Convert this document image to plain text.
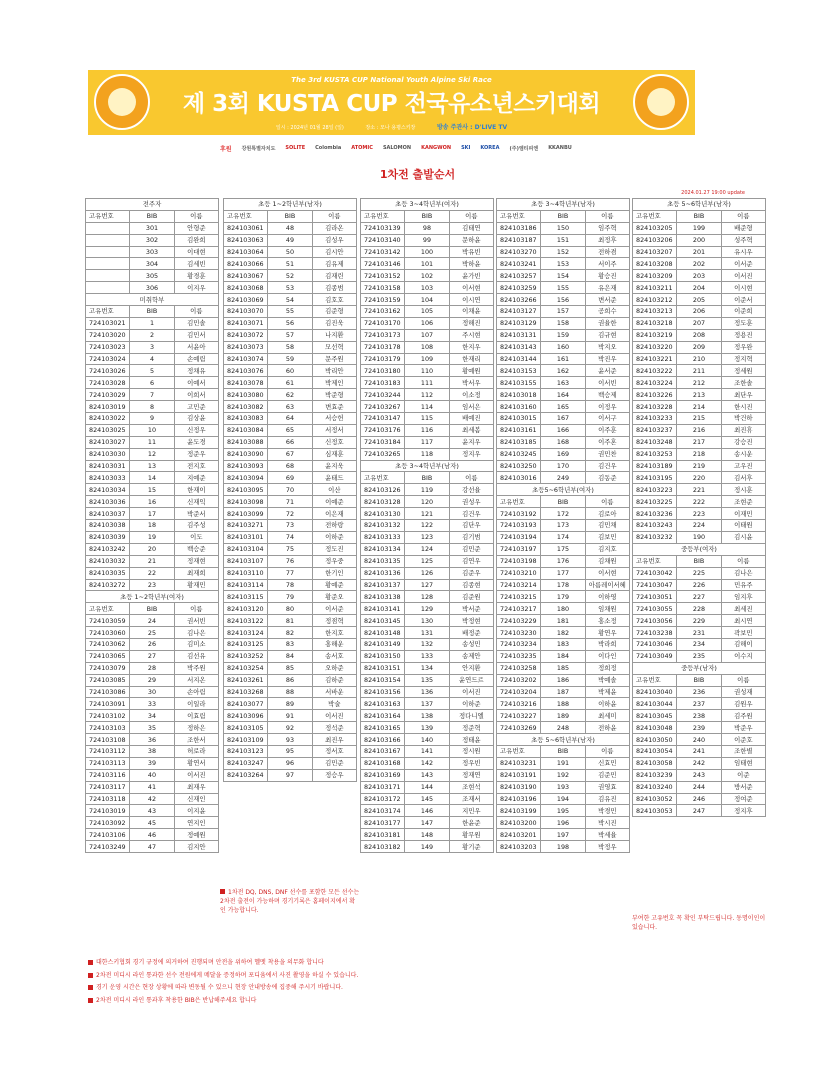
The 3rd KUSTA CUP National Youth Alpine Ski Race
제 3회 KUSTA CUP 전국유소년스키대회
일시 : 2024년 01월 28일 (일)	장소 : 모나 용평스키장	방송 주관사 : D'LIVE TV
후원 강원특별자치도 SOLITE Colombia ATOMIC SALOMON KANGWON SKI KOREA (주)엠티피엔 KKANBU
1차전 출발순서
2024.01.27 19:00 update
전주자		
고유번호	BIB	이름
	301	안형준
	302	김완희
	303	이대현
	304	김세빈
	305	황경훈
	306	이지우
미취학부		
고유번호	BIB	이름
724103021	1	김민솔
724103020	2	김민서
724103023	3	서윤아
724103024	4	손예림
724103026	5	정채유
724103028	6	이예서
724103029	7	이희서
824103019	8	고민준
824103022	9	김상윤
824103025	10	신정우
824103027	11	윤도경
824103030	12	정준우
824103031	13	전지호
824103033	14	지예준
824103034	15	한재이
824103036	16	신재익
824103037	17	박준서
824103038	18	김주성
824103039	19	이도
824103242	20	백승준
824103032	21	정재현
824103035	22	최재희
824103272	23	황재민
초등 1~2학년부(여자)		
고유번호	BIB	이름
724103059	24	권서빈
724103060	25	김나은
724103062	26	김미소
724103065	27	김선유
724103079	28	박주원
724103085	29	서지온
724103086	30	손아림
724103091	33	이일라
724103102	34	이효림
724103103	35	정하은
724103108	36	조한서
724103112	38	허로라
724103113	39	황연서
724103116	40	이서진
724103117	41	최재우
724103118	42	신재인
724103019	43	이지윤
724103092	45	연지인
724103106	46	정예원
724103249	47	김지안
초등 1~2학년부(남자)		
고유번호	BIB	이름
824103061	48	김라온
824103063	49	김성우
824103064	50	김시안
824103066	51	김유제
824103067	52	김재린
824103068	53	김종범
824103069	54	김호호
824103070	55	김준형
824103071	56	김진욱
824103072	57	나지환
824103073	58	모선혁
824103074	59	문주원
824103076	60	박리안
824103078	61	박제인
824103080	62	박준형
824103082	63	변효준
824103083	64	서승헌
824103084	65	서정서
824103088	66	신정호
824103090	67	심재훈
824103093	68	윤지욱
824103094	69	윤태드
824103095	70	이산
824103098	71	이예준
824103099	72	이은재
824103271	73	전하랑
824103101	74	이하준
824103104	75	정도진
824103107	76	정우중
824103110	77	한기인
824103114	78	황예준
824103115	79	황준오
824103120	80	이서준
824103122	81	정점혁
824103124	82	한지호
824103125	83	홍해운
824103252	84	송서호
824103254	85	오하준
824103261	86	김하준
824103268	88	서바운
824103077	89	박술
824103096	91	이서진
824103105	92	정석준
824103109	93	최진우
824103123	95	정서호
824103247	96	김민준
824103264	97	정승우
초등 3~4학년부(여자)		
고유번호	BIB	이름
724103139	98	김태연
724103140	99	문하윤
724103142	100	박유빈
724103146	101	박하윤
724103152	102	윤가빈
724103158	103	이서현
724103159	104	이시연
724103162	105	이채윤
724103170	106	정해진
724103173	107	주시현
724103178	108	한지우
724103179	109	한재리
724103180	110	황예원
724103183	111	박서우
724103244	112	이소정
724103267	114	임서은
724103147	115	배예진
724103176	116	최세봄
724103184	117	윤지우
724103265	118	정지우
초등 3~4학년부(남자)		
고유번호	BIB	이름
824103126	119	강선율
824103128	120	권성우
824103130	121	김건우
824103132	122	김단우
824103133	123	김기범
824103134	124	김민준
824103135	125	김연우
824103136	126	김준우
824103137	127	김종현
824103138	128	김준원
824103141	129	박서준
824103145	130	박정현
824103148	131	배정준
824103149	132	송성민
824103150	133	송제안
824103151	134	안지환
824103154	135	윤연드르
824103156	136	이서진
824103163	137	이하준
824103164	138	정다니엘
824103165	139	정준혁
824103166	140	정태윤
824103167	141	정시원
824103168	142	정우빈
824103169	143	정재연
824103171	144	조현석
824103172	145	조재서
824103174	146	지민우
824103177	147	한윤준
824103181	148	황무원
824103182	149	황기준
초등 3~4학년부(남자)		
고유번호	BIB	이름
824103186	150	임주혁
824103187	151	최정후
824103270	152	전하겸
824103241	153	서이주
824103257	154	황승진
824103259	155	유은재
824103266	156	변서준
824103127	157	공희수
824103129	158	권율한
824103131	159	김규현
824103143	160	박지오
824103144	161	박진우
824103153	162	윤서준
824103155	163	이서빈
824103018	164	백승제
824103160	165	이정우
824103015	167	이서구
824103161	166	이주훈
824103185	168	이주혼
824103245	169	권민찬
824103250	170	김건우
824103016	249	김동준
초등5~6학년부(여자)		
고유번호	BIB	이름
724103192	172	김로아
724103193	173	김민채
724103194	174	김보민
724103197	175	김지호
724103198	176	김채원
724103210	177	이서현
724103214	178	아름레이서혜
724103215	179	이하영
724103217	180	임채원
724103229	181	홍소정
724103230	182	황연우
724103234	183	박라희
724103235	184	이다인
724103258	185	정희정
724103202	186	박예솔
724103204	187	박제윤
724103216	188	이하윤
724103227	189	최세미
724103269	248	전하윤
초등 5~6학년부(남자)		
고유번호	BIB	이름
824103231	191	신효민
824103191	192	김준민
824103190	193	권영효
824103196	194	김유진
824103199	195	박경민
824103200	196	박시진
824103201	197	박세율
824103203	198	박정우
초등 5~6학년부(남자)		
고유번호	BIB	이름
824103205	199	배준형
824103206	200	성주혁
824103207	201	유시우
824103208	202	이서준
824103209	203	이서진
824103211	204	이시현
824103212	205	이준서
824103213	206	이준희
824103218	207	정도훈
824103219	208	정용진
824103220	209	정우완
824103221	210	정지혁
824103222	211	정세원
824103224	212	조한솔
824103226	213	최단우
824103228	214	한시진
824103233	215	박건하
824103237	216	최진휴
824103248	217	강승진
824103253	218	송시운
824103189	219	고우진
824103195	220	김서후
824103223	221	정시훈
824103225	222	조현준
824103236	223	이재민
824103243	224	이태원
824103232	190	김시윤
중등부(여자)		
고유번호	BIB	이름
724103042	225	김나은
724103047	226	민유주
724103051	227	임지후
724103055	228	최세진
724103056	229	최시연
724103238	231	곽보민
724103046	234	김해이
724103049	235	이수지
중등부(남자)		
고유번호	BIB	이름
824103040	236	권성재
824103044	237	김원우
824103045	238	김주원
824103048	239	박준우
824103050	240	이준호
824103054	241	조한별
824103058	242	임태현
824103239	243	이준
824103240	244	방서준
824103052	246	정여준
824103053	247	정지후
1차전 DQ, DNS, DNF 선수를 포함한 모든 선수는 2차전 출전이 가능하며 경기기록은 홈페이지에서 확인 가능합니다.
부여한 고유번호 꼭 확인 부탁드립니다. 동명이인이 있습니다.
대한스키협회 경기 규정에 의거하여 진행되며 안전을 위하여 헬멧 착용을 의무화 합니다
2차전 미디시 라인 통과한 선수 전원에게 메달을 증정하며 포디움에서 사진 촬영을 하실 수 있습니다.
경기 운영 시간은 현장 상황에 따라 변동될 수 있으니 현장 안내방송에 집중해 주시기 바랍니다.
2차전 미디시 라인 통과후 착용한 BIB은 반납해주세요 합니다
